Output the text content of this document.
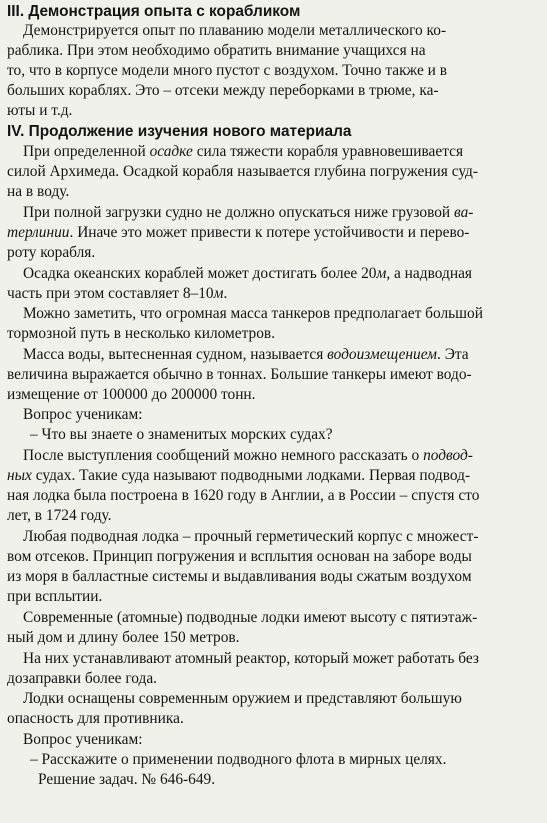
III. Демонстрация опыта с корабликом
Демонстрируется опыт по плаванию модели металлического ко-
рабликa. При этом необходимо обратить внимание учащихся на
то, что в корпусе модели много пустот с воздухом. Точно также и в
больших кораблях. Это – отсеки между переборками в трюме, ка-
юты и т.д.
IV. Продолжение изучения нового материала
При определенной осадке сила тяжести корабля уравновешивается
силой Архимеда. Осадкой корабля называется глубина погружения суд-
на в воду.
При полной загрузки судно не должно опускаться ниже грузовой ва-
терлинии. Иначе это может привести к потере устойчивости и перево-
роту корабля.
Осадка океанских кораблей может достигать более 20м, а надводная
часть при этом составляет 8–10м.
Можно заметить, что огромная масса танкеров предполагает большой
тормозной путь в несколько километров.
Масса воды, вытесненная судном, называется водоизмещением. Эта
величина выражается обычно в тоннах. Большие танкеры имеют водо-
измещение от 100000 до 200000 тонн.
Вопрос ученикам:
– Что вы знаете о знаменитых морских судах?
После выступления сообщений можно немного рассказать о подвод-
ных судах. Такие суда называют подводными лодками. Первая подвод-
ная лодка была построена в 1620 году в Англии, а в России – спустя сто
лет, в 1724 году.
Любая подводная лодка – прочный герметический корпус с множест-
вом отсеков. Принцип погружения и всплытия основан на заборе воды
из моря в балластные системы и выдавливания воды сжатым воздухом
при всплытии.
Современные (атомные) подводные лодки имеют высоту с пятиэтаж-
ный дом и длину более 150 метров.
На них устанавливают атомный реактор, который может работать без
дозаправки более года.
Лодки оснащены современным оружием и представляют большую
опасность для противника.
Вопрос ученикам:
– Расскажите о применении подводного флота в мирных целях.
Решение задач. № 646-649.
